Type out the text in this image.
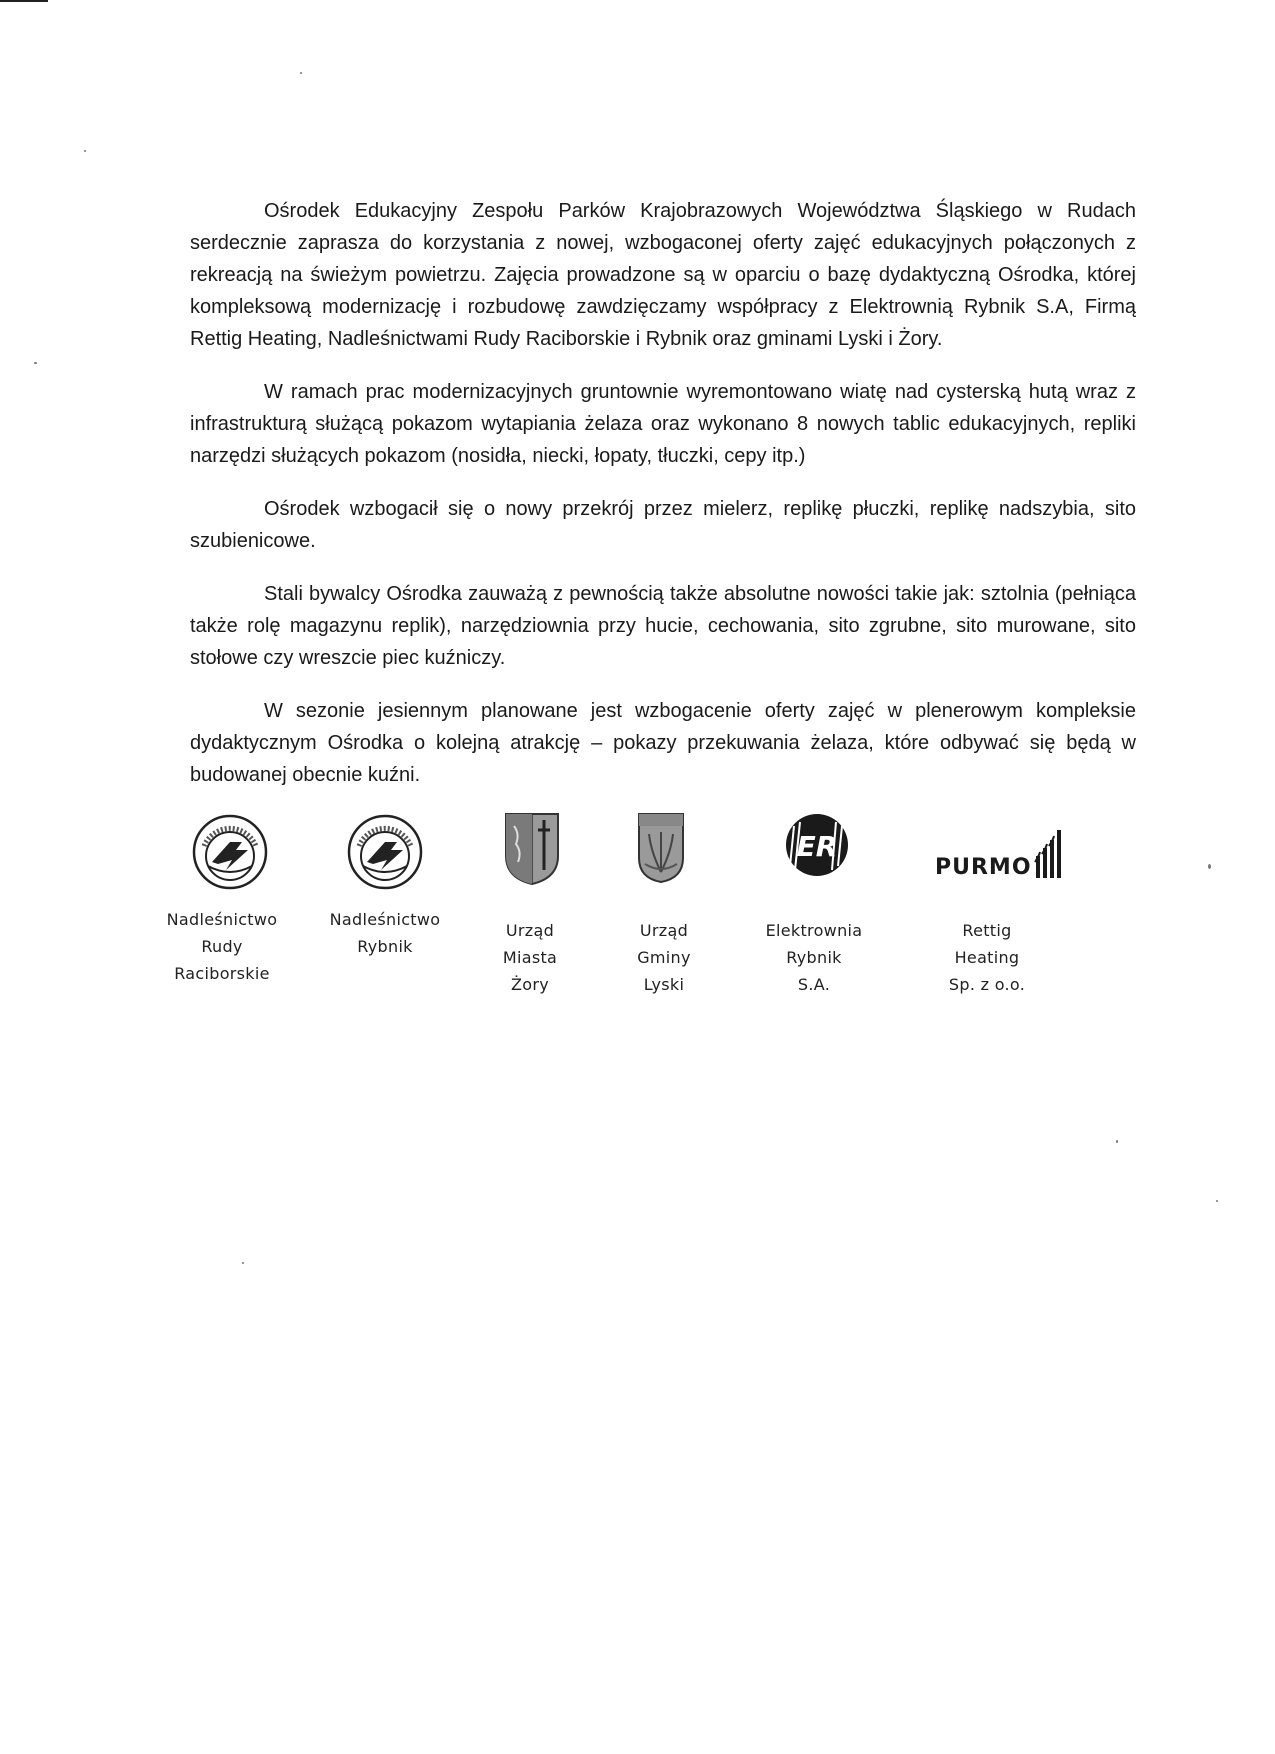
Ośrodek Edukacyjny Zespołu Parków Krajobrazowych Województwa Śląskiego w Rudach serdecznie zaprasza do korzystania z nowej, wzbogaconej oferty zajęć edukacyjnych połączonych z rekreacją na świeżym powietrzu. Zajęcia prowadzone są w oparciu o bazę dydaktyczną Ośrodka, której kompleksową modernizację i rozbudowę zawdzięczamy współpracy z Elektrownią Rybnik S.A, Firmą Rettig Heating, Nadleśnictwami Rudy Raciborskie i Rybnik oraz gminami Lyski i Żory.

W ramach prac modernizacyjnych gruntownie wyremontowano wiatę nad cysterską hutą wraz z infrastrukturą służącą pokazom wytapiania żelaza oraz wykonano 8 nowych tablic edukacyjnych, repliki narzędzi służących pokazom (nosidła, niecki, łopaty, tłuczki, cepy itp.)

Ośrodek wzbogacił się o nowy przekrój przez mielerz, replikę płuczki, replikę nadszybia, sito szubienicowe.

Stali bywalcy Ośrodka zauważą z pewnością także absolutne nowości takie jak: sztolnia (pełniąca także rolę magazynu replik), narzędziownia przy hucie, cechowania, sito zgrubne, sito murowane, sito stołowe czy wreszcie piec kuźniczy.

W sezonie jesiennym planowane jest wzbogacenie oferty zajęć w plenerowym kompleksie dydaktycznym Ośrodka o kolejną atrakcję – pokazy przekuwania żelaza, które odbywać się będą w budowanej obecnie kuźni.

ER
PURMO
Nadleśnictwo
Rudy
Raciborskie
Nadleśnictwo
Rybnik
Urząd
Miasta
Żory
Urząd
Gminy
Lyski
Elektrownia
Rybnik
S.A.
Rettig
Heating
Sp. z o.o.
